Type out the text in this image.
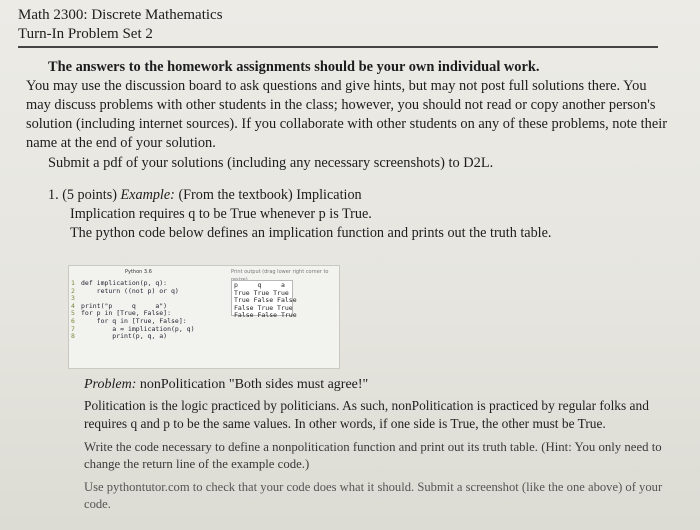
Math 2300: Discrete Mathematics
Turn-In Problem Set 2

The answers to the homework assignments should be your own individual work.

You may use the discussion board to ask questions and give hints, but may not post full solutions there. You may discuss problems with other students in the class; however, you should not read or copy another person's solution (including internet sources). If you collaborate with other students on any of these problems, note their name at the end of your solution.

Submit a pdf of your solutions (including any necessary screenshots) to D2L.

1. (5 points) Example: (From the textbook) Implication

Implication requires q to be True whenever p is True.

The python code below defines an implication function and prints out the truth table.

Python 3.6
1 def implication(p, q):
2 return ((not p) or q)
3
4 print("p     q     a")
5 for p in [True, False]:
6 for q in [True, False]:
7 a = implication(p, q)
8 print(p, q, a)
Print output (drag lower right corner to
p     q     a
True True True
True False False
False True True
False False True

Problem: nonPolitication "Both sides must agree!"

Politication is the logic practiced by politicians. As such, nonPolitication is practiced by regular folks and requires q and p to be the same values. In other words, if one side is True, the other must be True.

Write the code necessary to define a nonpolitication function and print out its truth table. (Hint: You only need to change the return line of the example code.)

Use pythontutor.com to check that your code does what it should. Submit a screenshot (like the one above) of your code.
